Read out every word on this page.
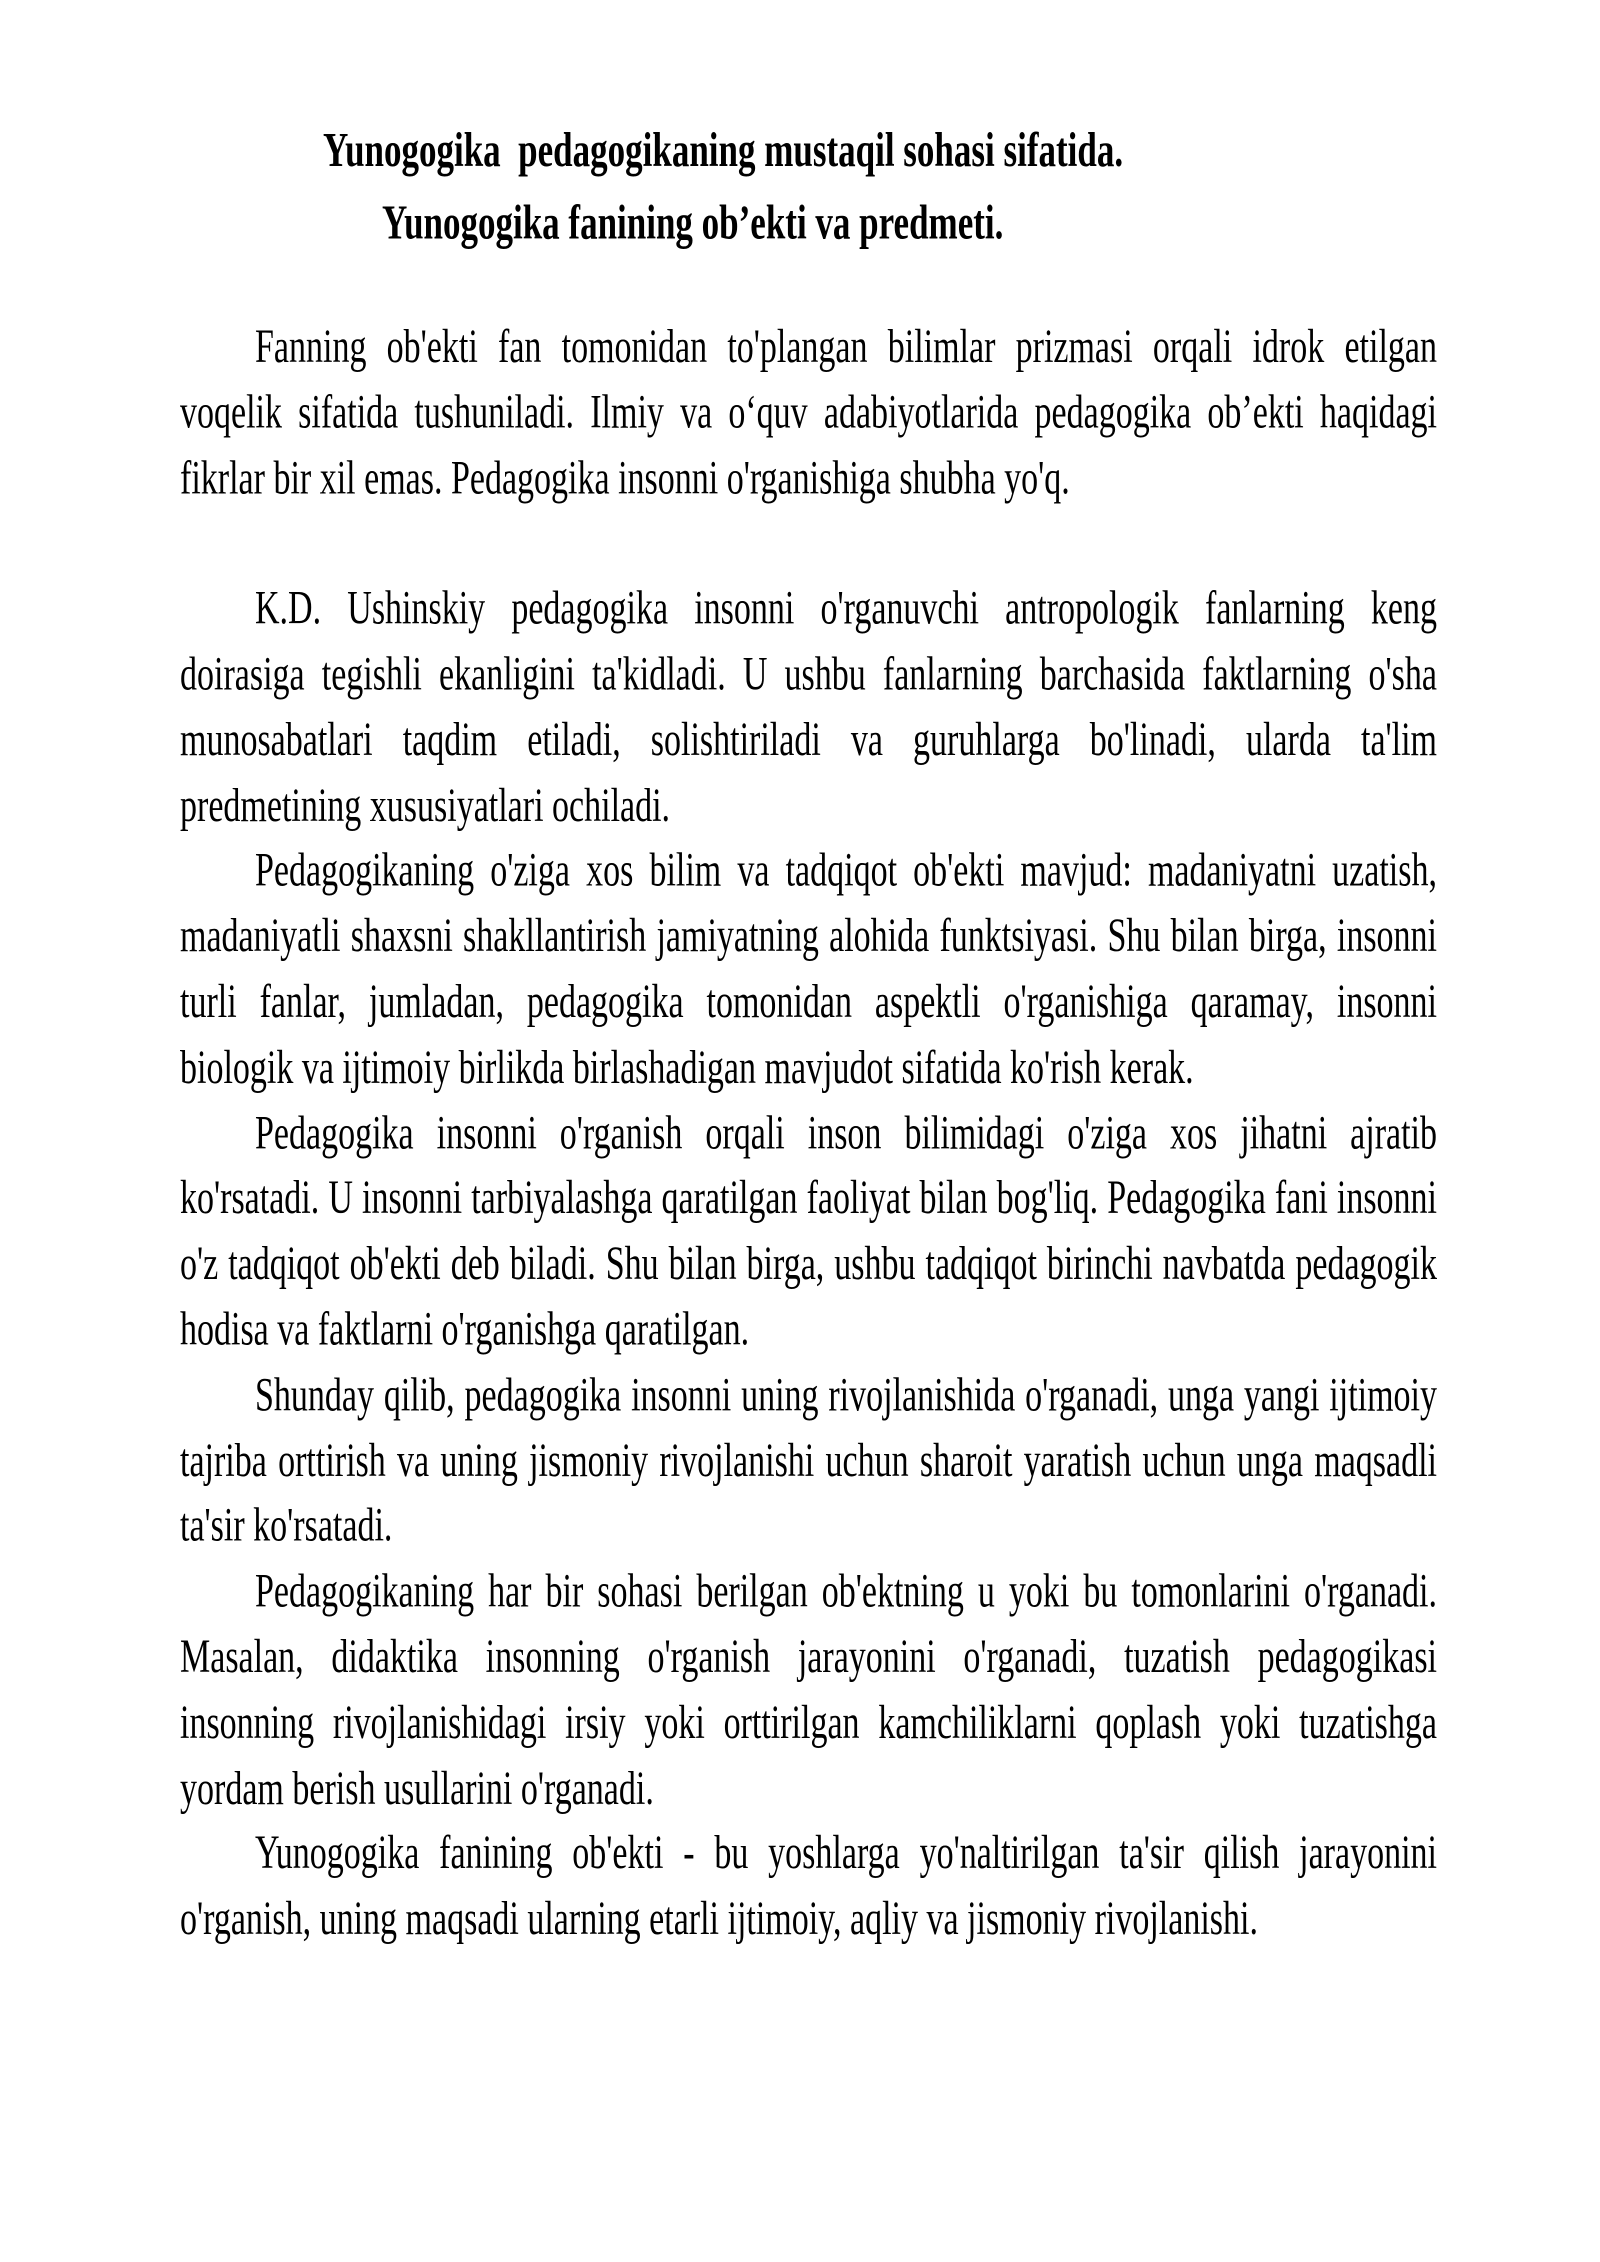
Yunogogika  pedagogikaning mustaqil sohasi sifatida.
Yunogogika fanining ob’ekti va predmeti.

Fanning ob'ekti fan tomonidan to'plangan bilimlar prizmasi orqali idrok etilgan voqelik sifatida tushuniladi. Ilmiy va o‘quv adabiyotlarida pedagogika ob’ekti haqidagi fikrlar bir xil emas. Pedagogika insonni o'rganishiga shubha yo'q.

K.D. Ushinskiy pedagogika insonni o'rganuvchi antropologik fanlarning keng doirasiga tegishli ekanligini ta'kidladi. U ushbu fanlarning barchasida faktlarning o'sha munosabatlari taqdim etiladi, solishtiriladi va guruhlarga bo'linadi, ularda ta'lim predmetining xususiyatlari ochiladi.

Pedagogikaning o'ziga xos bilim va tadqiqot ob'ekti mavjud: madaniyatni uzatish, madaniyatli shaxsni shakllantirish jamiyatning alohida funktsiyasi. Shu bilan birga, insonni turli fanlar, jumladan, pedagogika tomonidan aspektli o'rganishiga qaramay, insonni biologik va ijtimoiy birlikda birlashadigan mavjudot sifatida ko'rish kerak.

Pedagogika insonni o'rganish orqali inson bilimidagi o'ziga xos jihatni ajratib ko'rsatadi. U insonni tarbiyalashga qaratilgan faoliyat bilan bog'liq. Pedagogika fani insonni o'z tadqiqot ob'ekti deb biladi. Shu bilan birga, ushbu tadqiqot birinchi navbatda pedagogik hodisa va faktlarni o'rganishga qaratilgan.

Shunday qilib, pedagogika insonni uning rivojlanishida o'rganadi, unga yangi ijtimoiy tajriba orttirish va uning jismoniy rivojlanishi uchun sharoit yaratish uchun unga maqsadli ta'sir ko'rsatadi.

Pedagogikaning har bir sohasi berilgan ob'ektning u yoki bu tomonlarini o'rganadi. Masalan, didaktika insonning o'rganish jarayonini o'rganadi, tuzatish pedagogikasi insonning rivojlanishidagi irsiy yoki orttirilgan kamchiliklarni qoplash yoki tuzatishga yordam berish usullarini o'rganadi.

Yunogogika fanining ob'ekti - bu yoshlarga yo'naltirilgan ta'sir qilish jarayonini o'rganish, uning maqsadi ularning etarli ijtimoiy, aqliy va jismoniy rivojlanishi.
